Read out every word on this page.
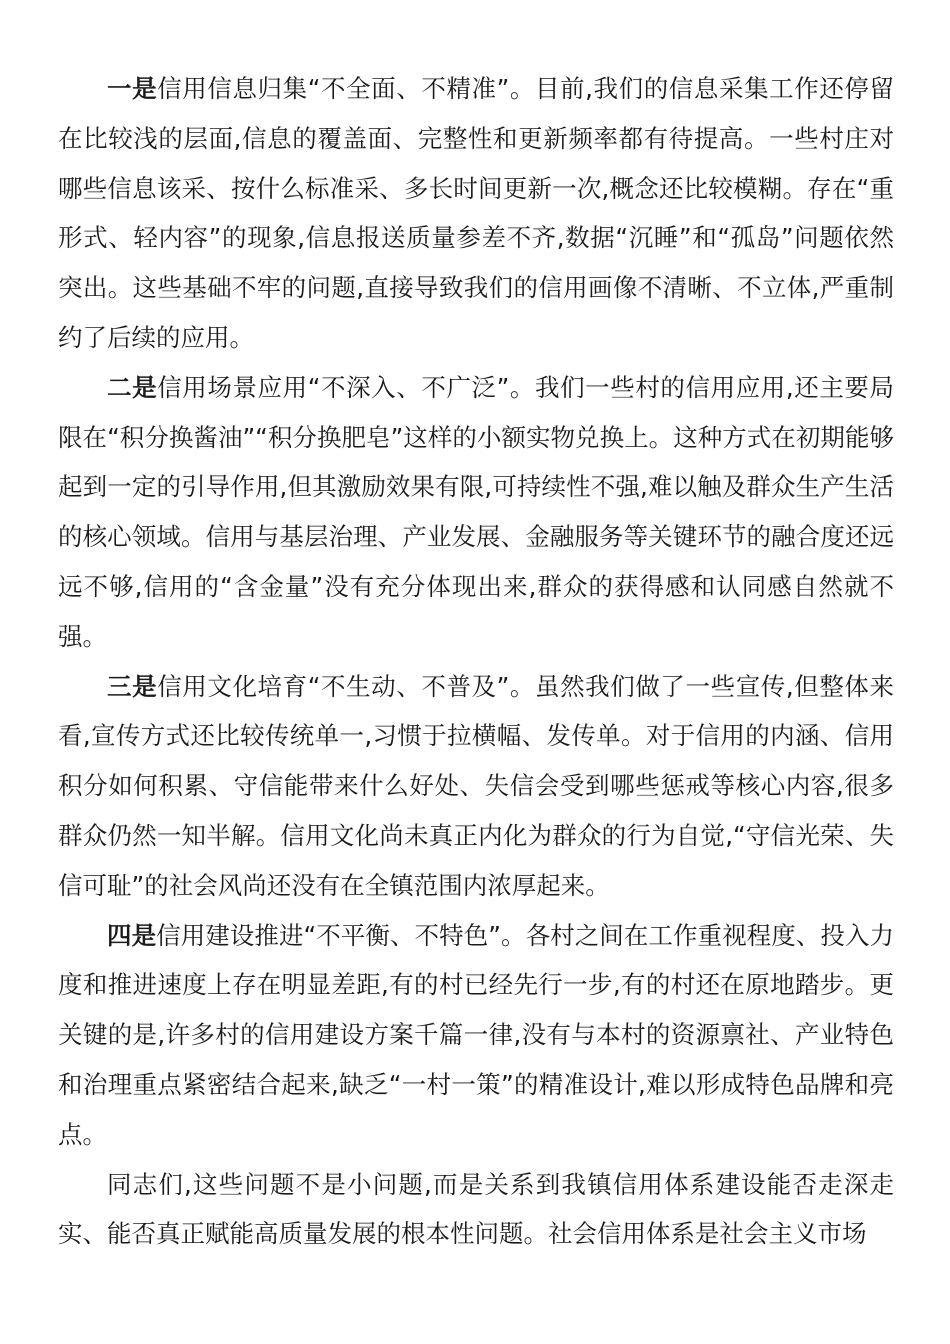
一是信用信息归集“不全面、不精准”。目前,我们的信息采集工作还停留在比较浅的层面,信息的覆盖面、完整性和更新频率都有待提高。一些村庄对哪些信息该采、按什么标准采、多长时间更新一次,概念还比较模糊。存在“重形式、轻内容”的现象,信息报送质量参差不齐,数据“沉睡”和“孤岛”问题依然突出。这些基础不牢的问题,直接导致我们的信用画像不清晰、不立体,严重制约了后续的应用。

二是信用场景应用“不深入、不广泛”。我们一些村的信用应用,还主要局限在“积分换酱油”“积分换肥皂”这样的小额实物兑换上。这种方式在初期能够起到一定的引导作用,但其激励效果有限,可持续性不强,难以触及群众生产生活的核心领域。信用与基层治理、产业发展、金融服务等关键环节的融合度还远远不够,信用的“含金量”没有充分体现出来,群众的获得感和认同感自然就不强。

三是信用文化培育“不生动、不普及”。虽然我们做了一些宣传,但整体来看,宣传方式还比较传统单一,习惯于拉横幅、发传单。对于信用的内涵、信用积分如何积累、守信能带来什么好处、失信会受到哪些惩戒等核心内容,很多群众仍然一知半解。信用文化尚未真正内化为群众的行为自觉,“守信光荣、失信可耻”的社会风尚还没有在全镇范围内浓厚起来。

四是信用建设推进“不平衡、不特色”。各村之间在工作重视程度、投入力度和推进速度上存在明显差距,有的村已经先行一步,有的村还在原地踏步。更关键的是,许多村的信用建设方案千篇一律,没有与本村的资源禀社、产业特色和治理重点紧密结合起来,缺乏“一村一策”的精准设计,难以形成特色品牌和亮点。

同志们,这些问题不是小问题,而是关系到我镇信用体系建设能否走深走实、能否真正赋能高质量发展的根本性问题。社会信用体系是社会主义市场
